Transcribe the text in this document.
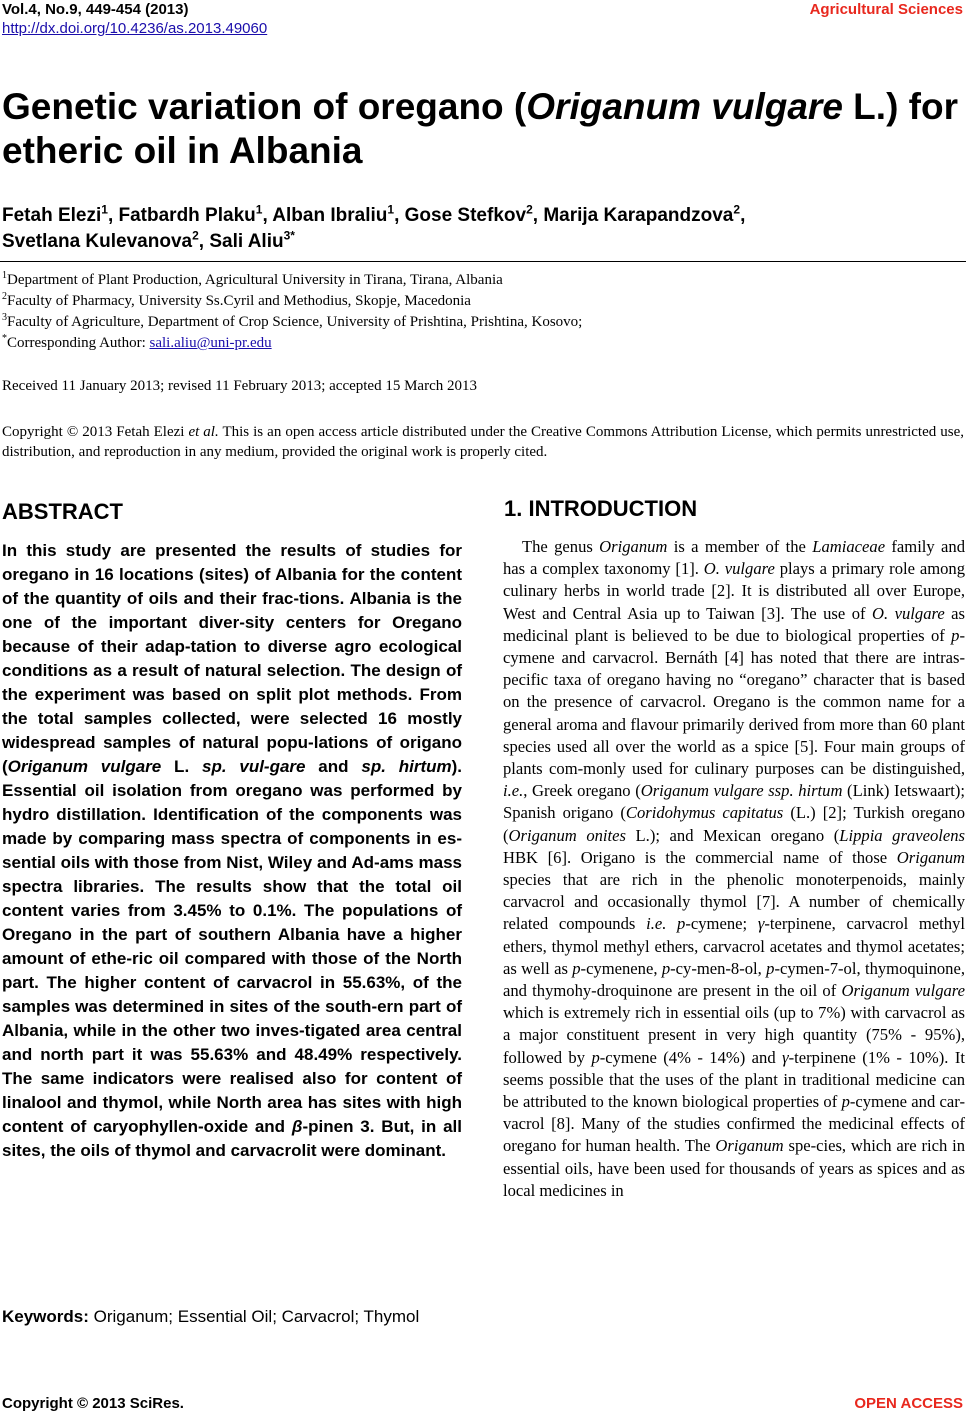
Vol.4, No.9, 449-454 (2013)
http://dx.doi.org/10.4236/as.2013.49060
Agricultural Sciences
Genetic variation of oregano (Origanum vulgare L.) for etheric oil in Albania
Fetah Elezi$^1$, Fatbardh Plaku$^1$, Alban Ibraliu$^1$, Gose Stefkov$^2$, Marija Karapandzova$^2$,
Svetlana Kulevanova$^2$, Sali Aliu$^{3*}$
$^1$Department of Plant Production, Agricultural University in Tirana, Tirana, Albania
$^2$Faculty of Pharmacy, University Ss.Cyril and Methodius, Skopje, Macedonia
$^3$Faculty of Agriculture, Department of Crop Science, University of Prishtina, Prishtina, Kosovo;
*Corresponding Author: sali.aliu@uni-pr.edu
Received 11 January 2013; revised 11 February 2013; accepted 15 March 2013
Copyright © 2013 Fetah Elezi et al. This is an open access article distributed under the Creative Commons Attribution License, which permits unrestricted use, distribution, and reproduction in any medium, provided the original work is properly cited.
ABSTRACT

In this study are presented the results of studies for oregano in 16 locations (sites) of Albania for the content of the quantity of oils and their frac-tions. Albania is the one of the important diver-sity centers for Oregano because of their adap-tation to diverse agro ecological conditions as a result of natural selection. The design of the experiment was based on split plot methods. From the total samples collected, were selected 16 mostly widespread samples of natural popu-lations of origano (Origanum vulgare L. sp. vul-gare and sp. hirtum). Essential oil isolation from oregano was performed by hydro distillation. Identification of the components was made by comparing mass spectra of components in es-sential oils with those from Nist, Wiley and Ad-ams mass spectra libraries. The results show that the total oil content varies from 3.45% to 0.1%. The populations of Oregano in the part of southern Albania have a higher amount of ethe-ric oil compared with those of the North part. The higher content of carvacrol in 55.63%, of the samples was determined in sites of the south-ern part of Albania, while in the other two inves-tigated area central and north part it was 55.63% and 48.49% respectively. The same indicators were realised also for content of linalool and thymol, while North area has sites with high content of caryophyllen-oxide and β-pinen 3. But, in all sites, the oils of thymol and carvacrolit were dominant.

Keywords: Origanum; Essential Oil; Carvacrol; Thymol

1. INTRODUCTION

The genus Origanum is a member of the Lamiaceae family and has a complex taxonomy [1]. O. vulgare plays a primary role among culinary herbs in world trade [2]. It is distributed all over Europe, West and Central Asia up to Taiwan [3]. The use of O. vulgare as medicinal plant is believed to be due to biological properties of p-cymene and carvacrol. Bernáth [4] has noted that there are intras-pecific taxa of oregano having no “oregano” character that is based on the presence of carvacrol. Oregano is the common name for a general aroma and flavour primarily derived from more than 60 plant species used all over the world as a spice [5]. Four main groups of plants com-monly used for culinary purposes can be distinguished, i.e., Greek oregano (Origanum vulgare ssp. hirtum (Link) Ietswaart); Spanish origano (Coridohymus capitatus (L.) [2]; Turkish oregano (Origanum onites L.); and Mexican oregano (Lippia graveolens HBK [6]. Origano is the commercial name of those Origanum species that are rich in the phenolic monoterpenoids, mainly carvacrol and occasionally thymol [7]. A number of chemically related compounds i.e. p-cymene; γ-terpinene, carvacrol methyl ethers, thymol methyl ethers, carvacrol acetates and thymol acetates; as well as p-cymenene, p-cy-men-8-ol, p-cymen-7-ol, thymoquinone, and thymohy-droquinone are present in the oil of Origanum vulgare which is extremely rich in essential oils (up to 7%) with carvacrol as a major constituent present in very high quantity (75% - 95%), followed by p-cymene (4% - 14%) and γ-terpinene (1% - 10%). It seems possible that the uses of the plant in traditional medicine can be attributed to the known biological properties of p-cymene and car-vacrol [8]. Many of the studies confirmed the medicinal effects of oregano for human health. The Origanum spe-cies, which are rich in essential oils, have been used for thousands of years as spices and as local medicines in

Copyright © 2013 SciRes.	OPEN ACCESS
